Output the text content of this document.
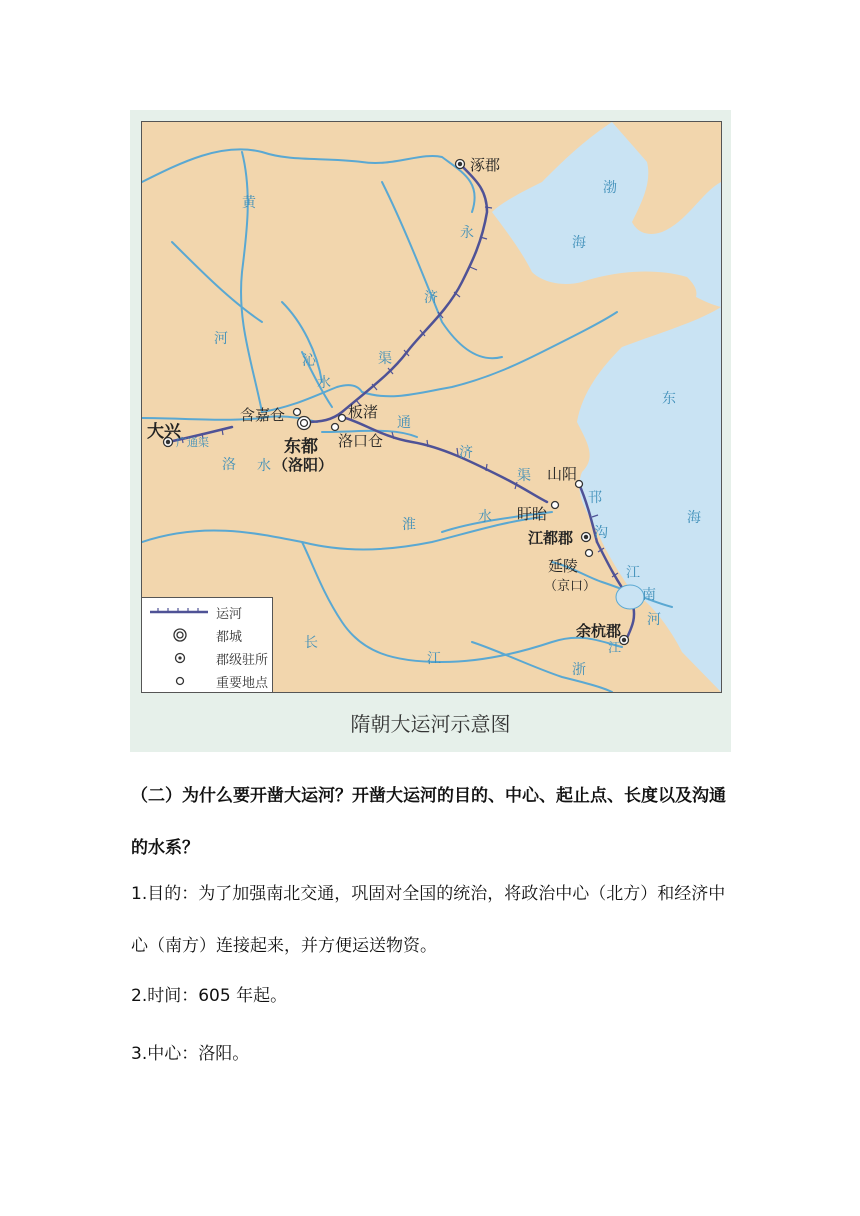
涿郡
大兴
含嘉仓
东都
（洛阳）
板渚
洛口仓
山阳
盱眙
江都郡
延陵
（京口）
余杭郡
黄
河
渤
海
东
海
永
济
渠
沁
水
通
济
渠
广通渠
洛 水
淮	水
邗
沟
江
南
河
江
浙
长
江
运河
都城
郡级驻所
重要地点
隋朝大运河示意图
（二）为什么要开凿大运河？开凿大运河的目的、中心、起止点、长度以及沟通
的水系？
1.目的：为了加强南北交通，巩固对全国的统治，将政治中心（北方）和经济中
心（南方）连接起来，并方便运送物资。
2.时间：605 年起。
3.中心：洛阳。
